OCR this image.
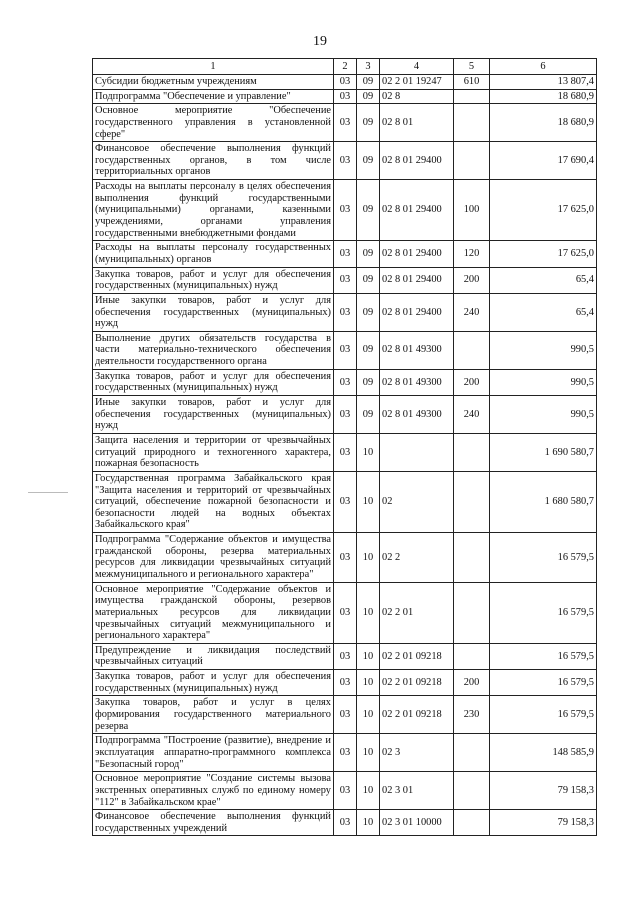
19
1	2	3	4	5	6
Субсидии бюджетным учреждениям	03	09	02 2 01 19247	610	13 807,4
Подпрограмма "Обеспечение и управление"	03	09	02 8		18 680,9
Основное мероприятие "Обеспечение государственного управления в установленной сфере"	03	09	02 8 01		18 680,9
Финансовое обеспечение выполнения функций государственных органов, в том числе территориальных органов	03	09	02 8 01 29400		17 690,4
Расходы на выплаты персоналу в целях обеспечения выполнения функций государственными (муниципальными) органами, казенными учреждениями, органами управления государственными внебюджетными фондами	03	09	02 8 01 29400	100	17 625,0
Расходы на выплаты персоналу государственных (муниципальных) органов	03	09	02 8 01 29400	120	17 625,0
Закупка товаров, работ и услуг для обеспечения государственных (муниципальных) нужд	03	09	02 8 01 29400	200	65,4
Иные закупки товаров, работ и услуг для обеспечения государственных (муниципальных) нужд	03	09	02 8 01 29400	240	65,4
Выполнение других обязательств государства в части материально-технического обеспечения деятельности государственного органа	03	09	02 8 01 49300		990,5
Закупка товаров, работ и услуг для обеспечения государственных (муниципальных) нужд	03	09	02 8 01 49300	200	990,5
Иные закупки товаров, работ и услуг для обеспечения государственных (муниципальных) нужд	03	09	02 8 01 49300	240	990,5
Защита населения и территории от чрезвычайных ситуаций природного и техногенного характера, пожарная безопасность	03	10			1 690 580,7
Государственная программа Забайкальского края "Защита населения и территорий от чрезвычайных ситуаций, обеспечение пожарной безопасности и безопасности людей на водных объектах Забайкальского края"	03	10	02		1 680 580,7
Подпрограмма "Содержание объектов и имущества гражданской обороны, резерва материальных ресурсов для ликвидации чрезвычайных ситуаций межмуниципального и регионального характера"	03	10	02 2		16 579,5
Основное мероприятие "Содержание объектов и имущества гражданской обороны, резервов материальных ресурсов для ликвидации чрезвычайных ситуаций межмуниципального и регионального характера"	03	10	02 2 01		16 579,5
Предупреждение и ликвидация последствий чрезвычайных ситуаций	03	10	02 2 01 09218		16 579,5
Закупка товаров, работ и услуг для обеспечения государственных (муниципальных) нужд	03	10	02 2 01 09218	200	16 579,5
Закупка товаров, работ и услуг в целях формирования государственного материального резерва	03	10	02 2 01 09218	230	16 579,5
Подпрограмма "Построение (развитие), внедрение и эксплуатация аппаратно-программного комплекса "Безопасный город"	03	10	02 3		148 585,9
Основное мероприятие "Создание системы вызова экстренных оперативных служб по единому номеру "112" в Забайкальском крае"	03	10	02 3 01		79 158,3
Финансовое обеспечение выполнения функций государственных учреждений	03	10	02 3 01 10000		79 158,3
